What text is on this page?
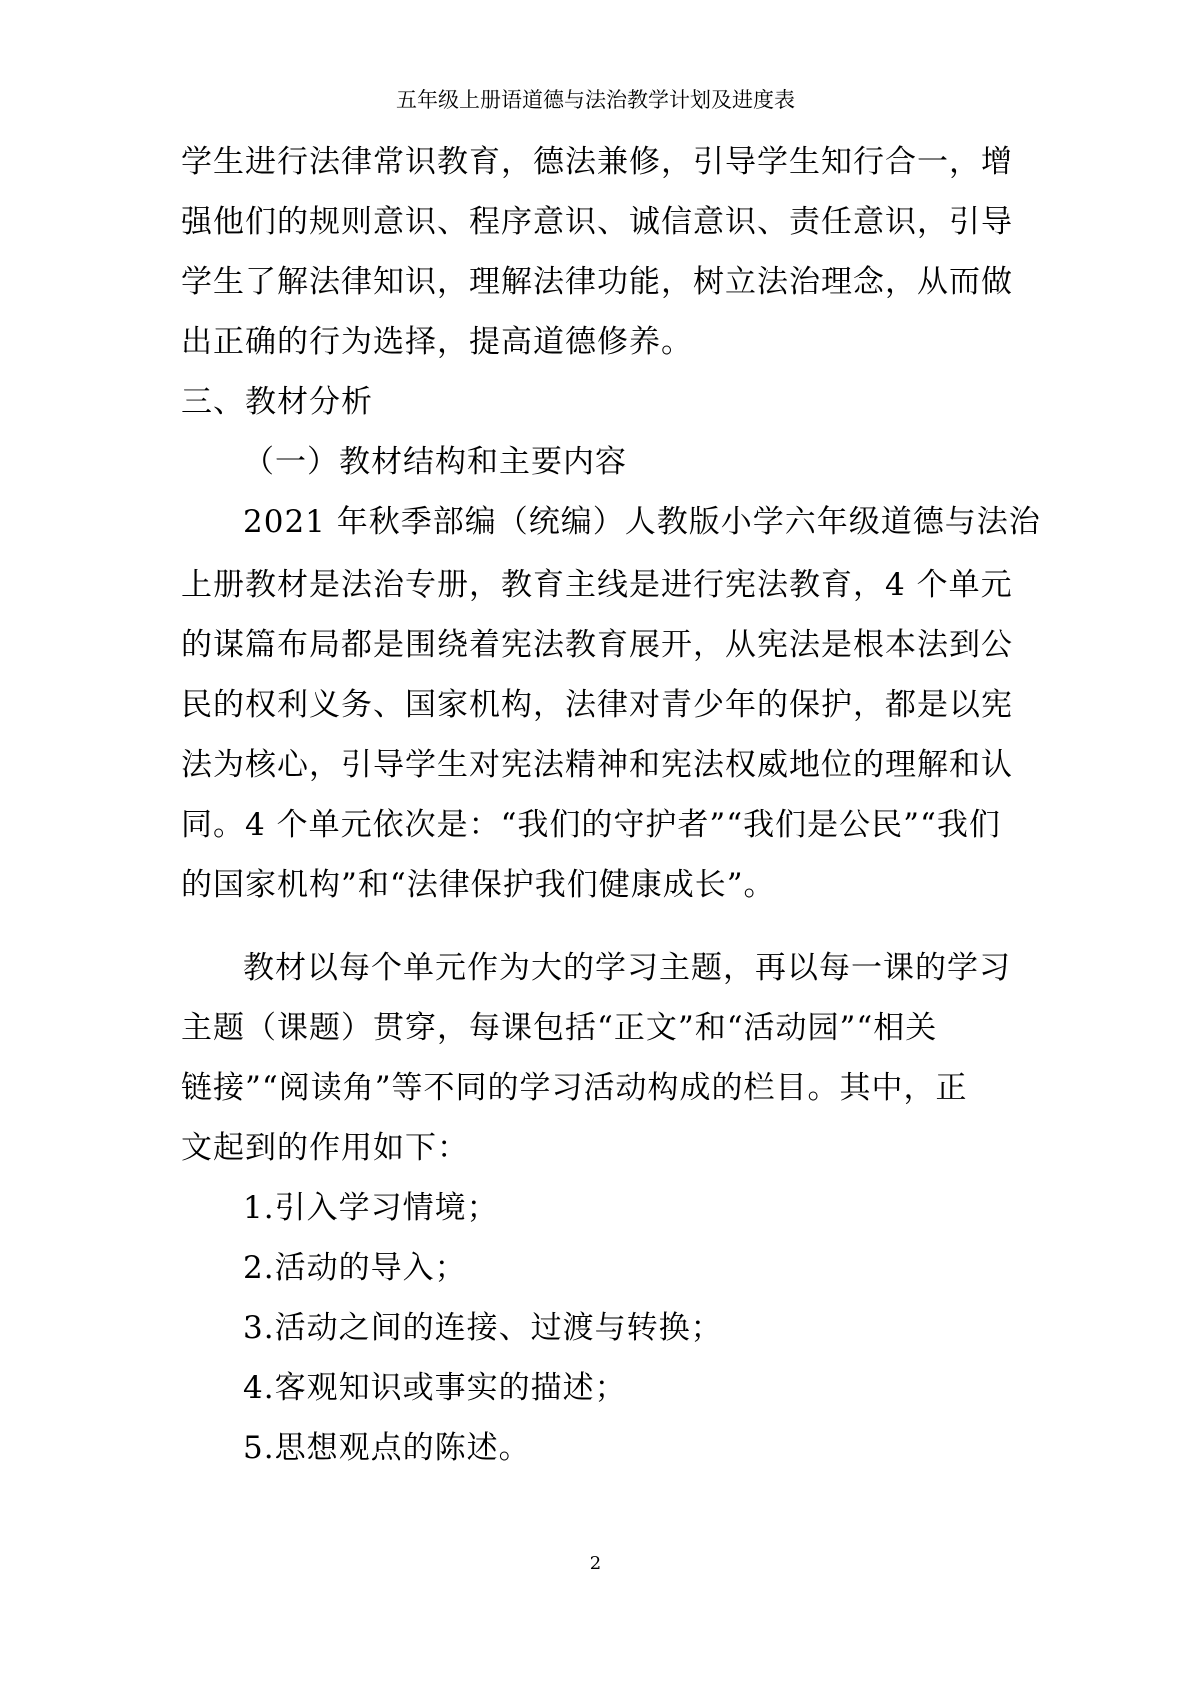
五年级上册语道德与法治教学计划及进度表
学生进行法律常识教育，德法兼修，引导学生知行合一，增
强他们的规则意识、程序意识、诚信意识、责任意识，引导
学生了解法律知识，理解法律功能，树立法治理念，从而做
出正确的行为选择，提高道德修养。
三、教材分析
（一）教材结构和主要内容
2021 年秋季部编（统编）人教版小学六年级道德与法治
上册教材是法治专册，教育主线是进行宪法教育，4 个单元
的谋篇布局都是围绕着宪法教育展开，从宪法是根本法到公
民的权利义务、国家机构，法律对青少年的保护，都是以宪
法为核心，引导学生对宪法精神和宪法权威地位的理解和认
同。4 个单元依次是：“我们的守护者”“我们是公民”“我们
的国家机构”和“法律保护我们健康成长”。
教材以每个单元作为大的学习主题，再以每一课的学习
主题（课题）贯穿，每课包括“正文”和“活动园”“相关
链接”“阅读角”等不同的学习活动构成的栏目。其中，正
文起到的作用如下：
1.引入学习情境；
2.活动的导入；
3.活动之间的连接、过渡与转换；
4.客观知识或事实的描述；
5.思想观点的陈述。
2
